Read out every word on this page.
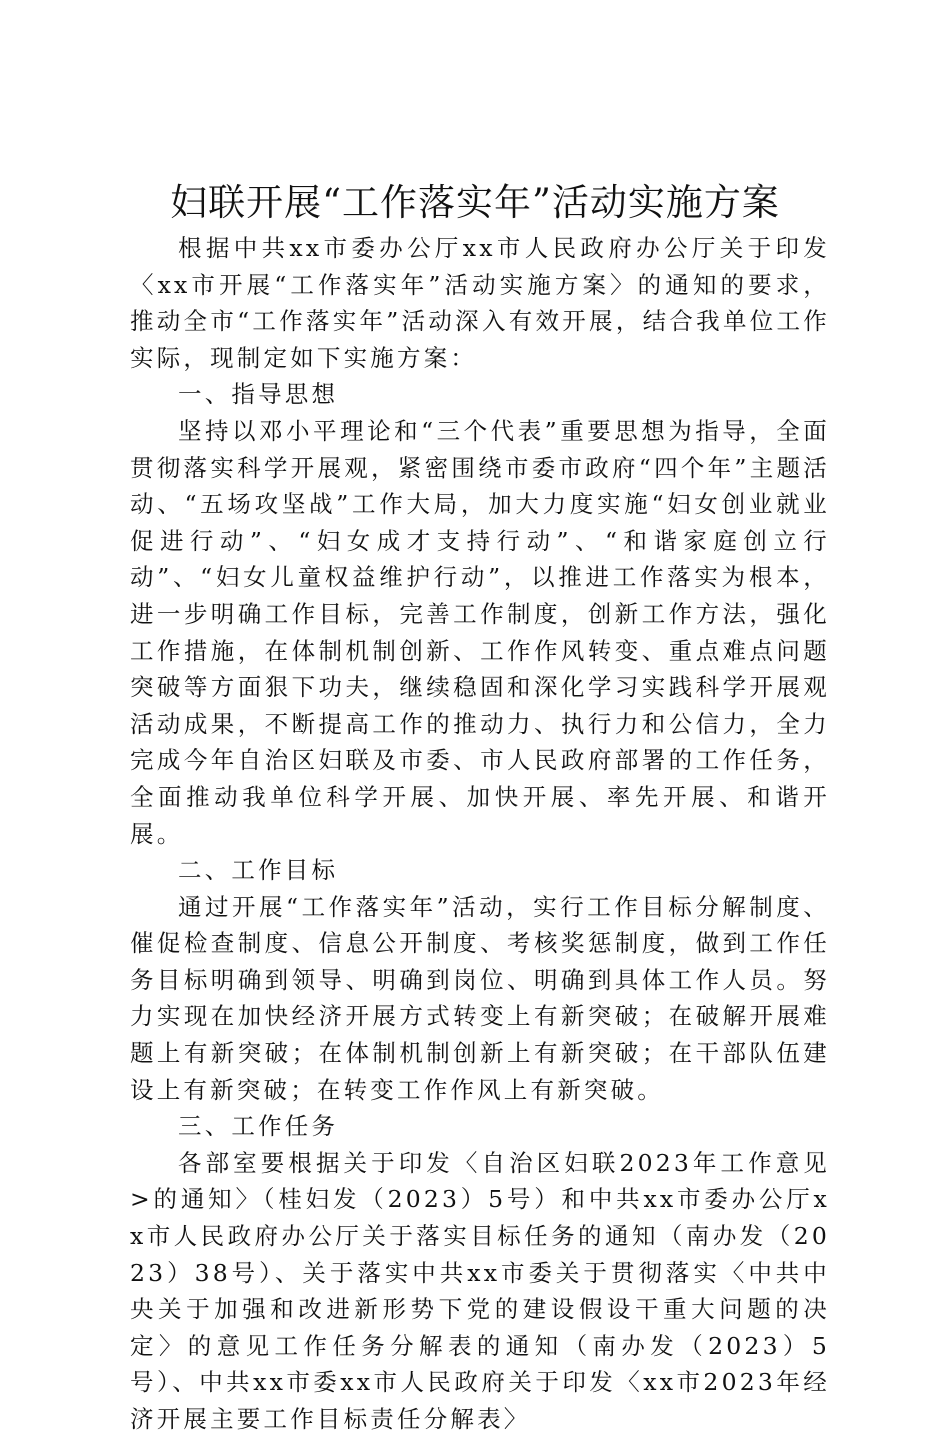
妇联开展“工作落实年”活动实施方案

根据中共xx市委办公厅xx市人民政府办公厅关于印发〈xx市开展“工作落实年”活动实施方案〉的通知的要求，推动全市“工作落实年”活动深入有效开展，结合我单位工作实际，现制定如下实施方案：

一、指导思想

坚持以邓小平理论和“三个代表”重要思想为指导，全面贯彻落实科学开展观，紧密围绕市委市政府“四个年”主题活动、“五场攻坚战”工作大局，加大力度实施“妇女创业就业促进行动”、“妇女成才支持行动”、“和谐家庭创立行动”、“妇女儿童权益维护行动”，以推进工作落实为根本，进一步明确工作目标，完善工作制度，创新工作方法，强化工作措施，在体制机制创新、工作作风转变、重点难点问题突破等方面狠下功夫，继续稳固和深化学习实践科学开展观活动成果，不断提高工作的推动力、执行力和公信力，全力完成今年自治区妇联及市委、市人民政府部署的工作任务，全面推动我单位科学开展、加快开展、率先开展、和谐开展。

二、工作目标

通过开展“工作落实年”活动，实行工作目标分解制度、催促检查制度、信息公开制度、考核奖惩制度，做到工作任务目标明确到领导、明确到岗位、明确到具体工作人员。努力实现在加快经济开展方式转变上有新突破；在破解开展难题上有新突破；在体制机制创新上有新突破；在干部队伍建设上有新突破；在转变工作作风上有新突破。

三、工作任务

各部室要根据关于印发〈自治区妇联2023年工作意见>的通知〉（桂妇发（2023）5号）和中共xx市委办公厅xx市人民政府办公厅关于落实目标任务的通知（南办发（2023）38号）、关于落实中共xx市委关于贯彻落实〈中共中央关于加强和改进新形势下党的建设假设干重大问题的决定〉的意见工作任务分解表的通知（南办发（2023）5号）、中共xx市委xx市人民政府关于印发〈xx市2023年经济开展主要工作目标责任分解表〉
